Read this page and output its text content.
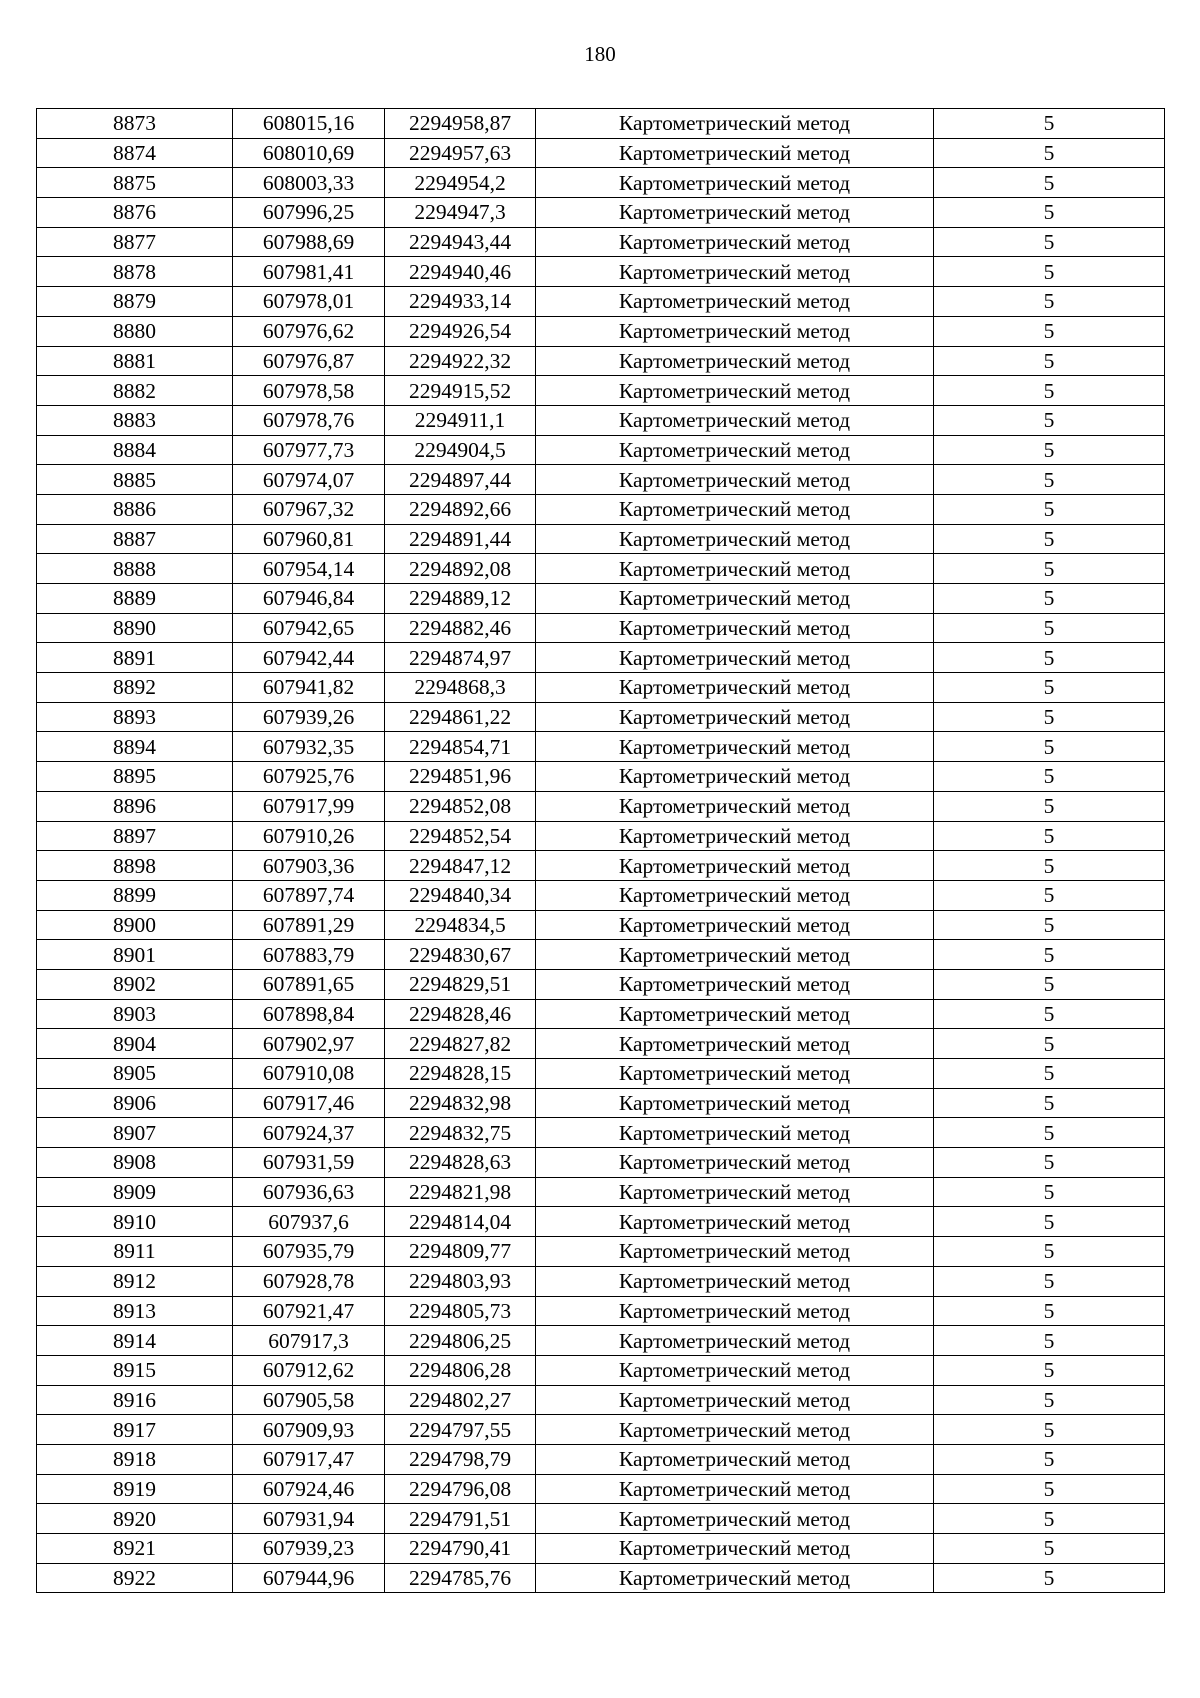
180
8873	608015,16	2294958,87	Картометрический метод	5
8874	608010,69	2294957,63	Картометрический метод	5
8875	608003,33	2294954,2	Картометрический метод	5
8876	607996,25	2294947,3	Картометрический метод	5
8877	607988,69	2294943,44	Картометрический метод	5
8878	607981,41	2294940,46	Картометрический метод	5
8879	607978,01	2294933,14	Картометрический метод	5
8880	607976,62	2294926,54	Картометрический метод	5
8881	607976,87	2294922,32	Картометрический метод	5
8882	607978,58	2294915,52	Картометрический метод	5
8883	607978,76	2294911,1	Картометрический метод	5
8884	607977,73	2294904,5	Картометрический метод	5
8885	607974,07	2294897,44	Картометрический метод	5
8886	607967,32	2294892,66	Картометрический метод	5
8887	607960,81	2294891,44	Картометрический метод	5
8888	607954,14	2294892,08	Картометрический метод	5
8889	607946,84	2294889,12	Картометрический метод	5
8890	607942,65	2294882,46	Картометрический метод	5
8891	607942,44	2294874,97	Картометрический метод	5
8892	607941,82	2294868,3	Картометрический метод	5
8893	607939,26	2294861,22	Картометрический метод	5
8894	607932,35	2294854,71	Картометрический метод	5
8895	607925,76	2294851,96	Картометрический метод	5
8896	607917,99	2294852,08	Картометрический метод	5
8897	607910,26	2294852,54	Картометрический метод	5
8898	607903,36	2294847,12	Картометрический метод	5
8899	607897,74	2294840,34	Картометрический метод	5
8900	607891,29	2294834,5	Картометрический метод	5
8901	607883,79	2294830,67	Картометрический метод	5
8902	607891,65	2294829,51	Картометрический метод	5
8903	607898,84	2294828,46	Картометрический метод	5
8904	607902,97	2294827,82	Картометрический метод	5
8905	607910,08	2294828,15	Картометрический метод	5
8906	607917,46	2294832,98	Картометрический метод	5
8907	607924,37	2294832,75	Картометрический метод	5
8908	607931,59	2294828,63	Картометрический метод	5
8909	607936,63	2294821,98	Картометрический метод	5
8910	607937,6	2294814,04	Картометрический метод	5
8911	607935,79	2294809,77	Картометрический метод	5
8912	607928,78	2294803,93	Картометрический метод	5
8913	607921,47	2294805,73	Картометрический метод	5
8914	607917,3	2294806,25	Картометрический метод	5
8915	607912,62	2294806,28	Картометрический метод	5
8916	607905,58	2294802,27	Картометрический метод	5
8917	607909,93	2294797,55	Картометрический метод	5
8918	607917,47	2294798,79	Картометрический метод	5
8919	607924,46	2294796,08	Картометрический метод	5
8920	607931,94	2294791,51	Картометрический метод	5
8921	607939,23	2294790,41	Картометрический метод	5
8922	607944,96	2294785,76	Картометрический метод	5
